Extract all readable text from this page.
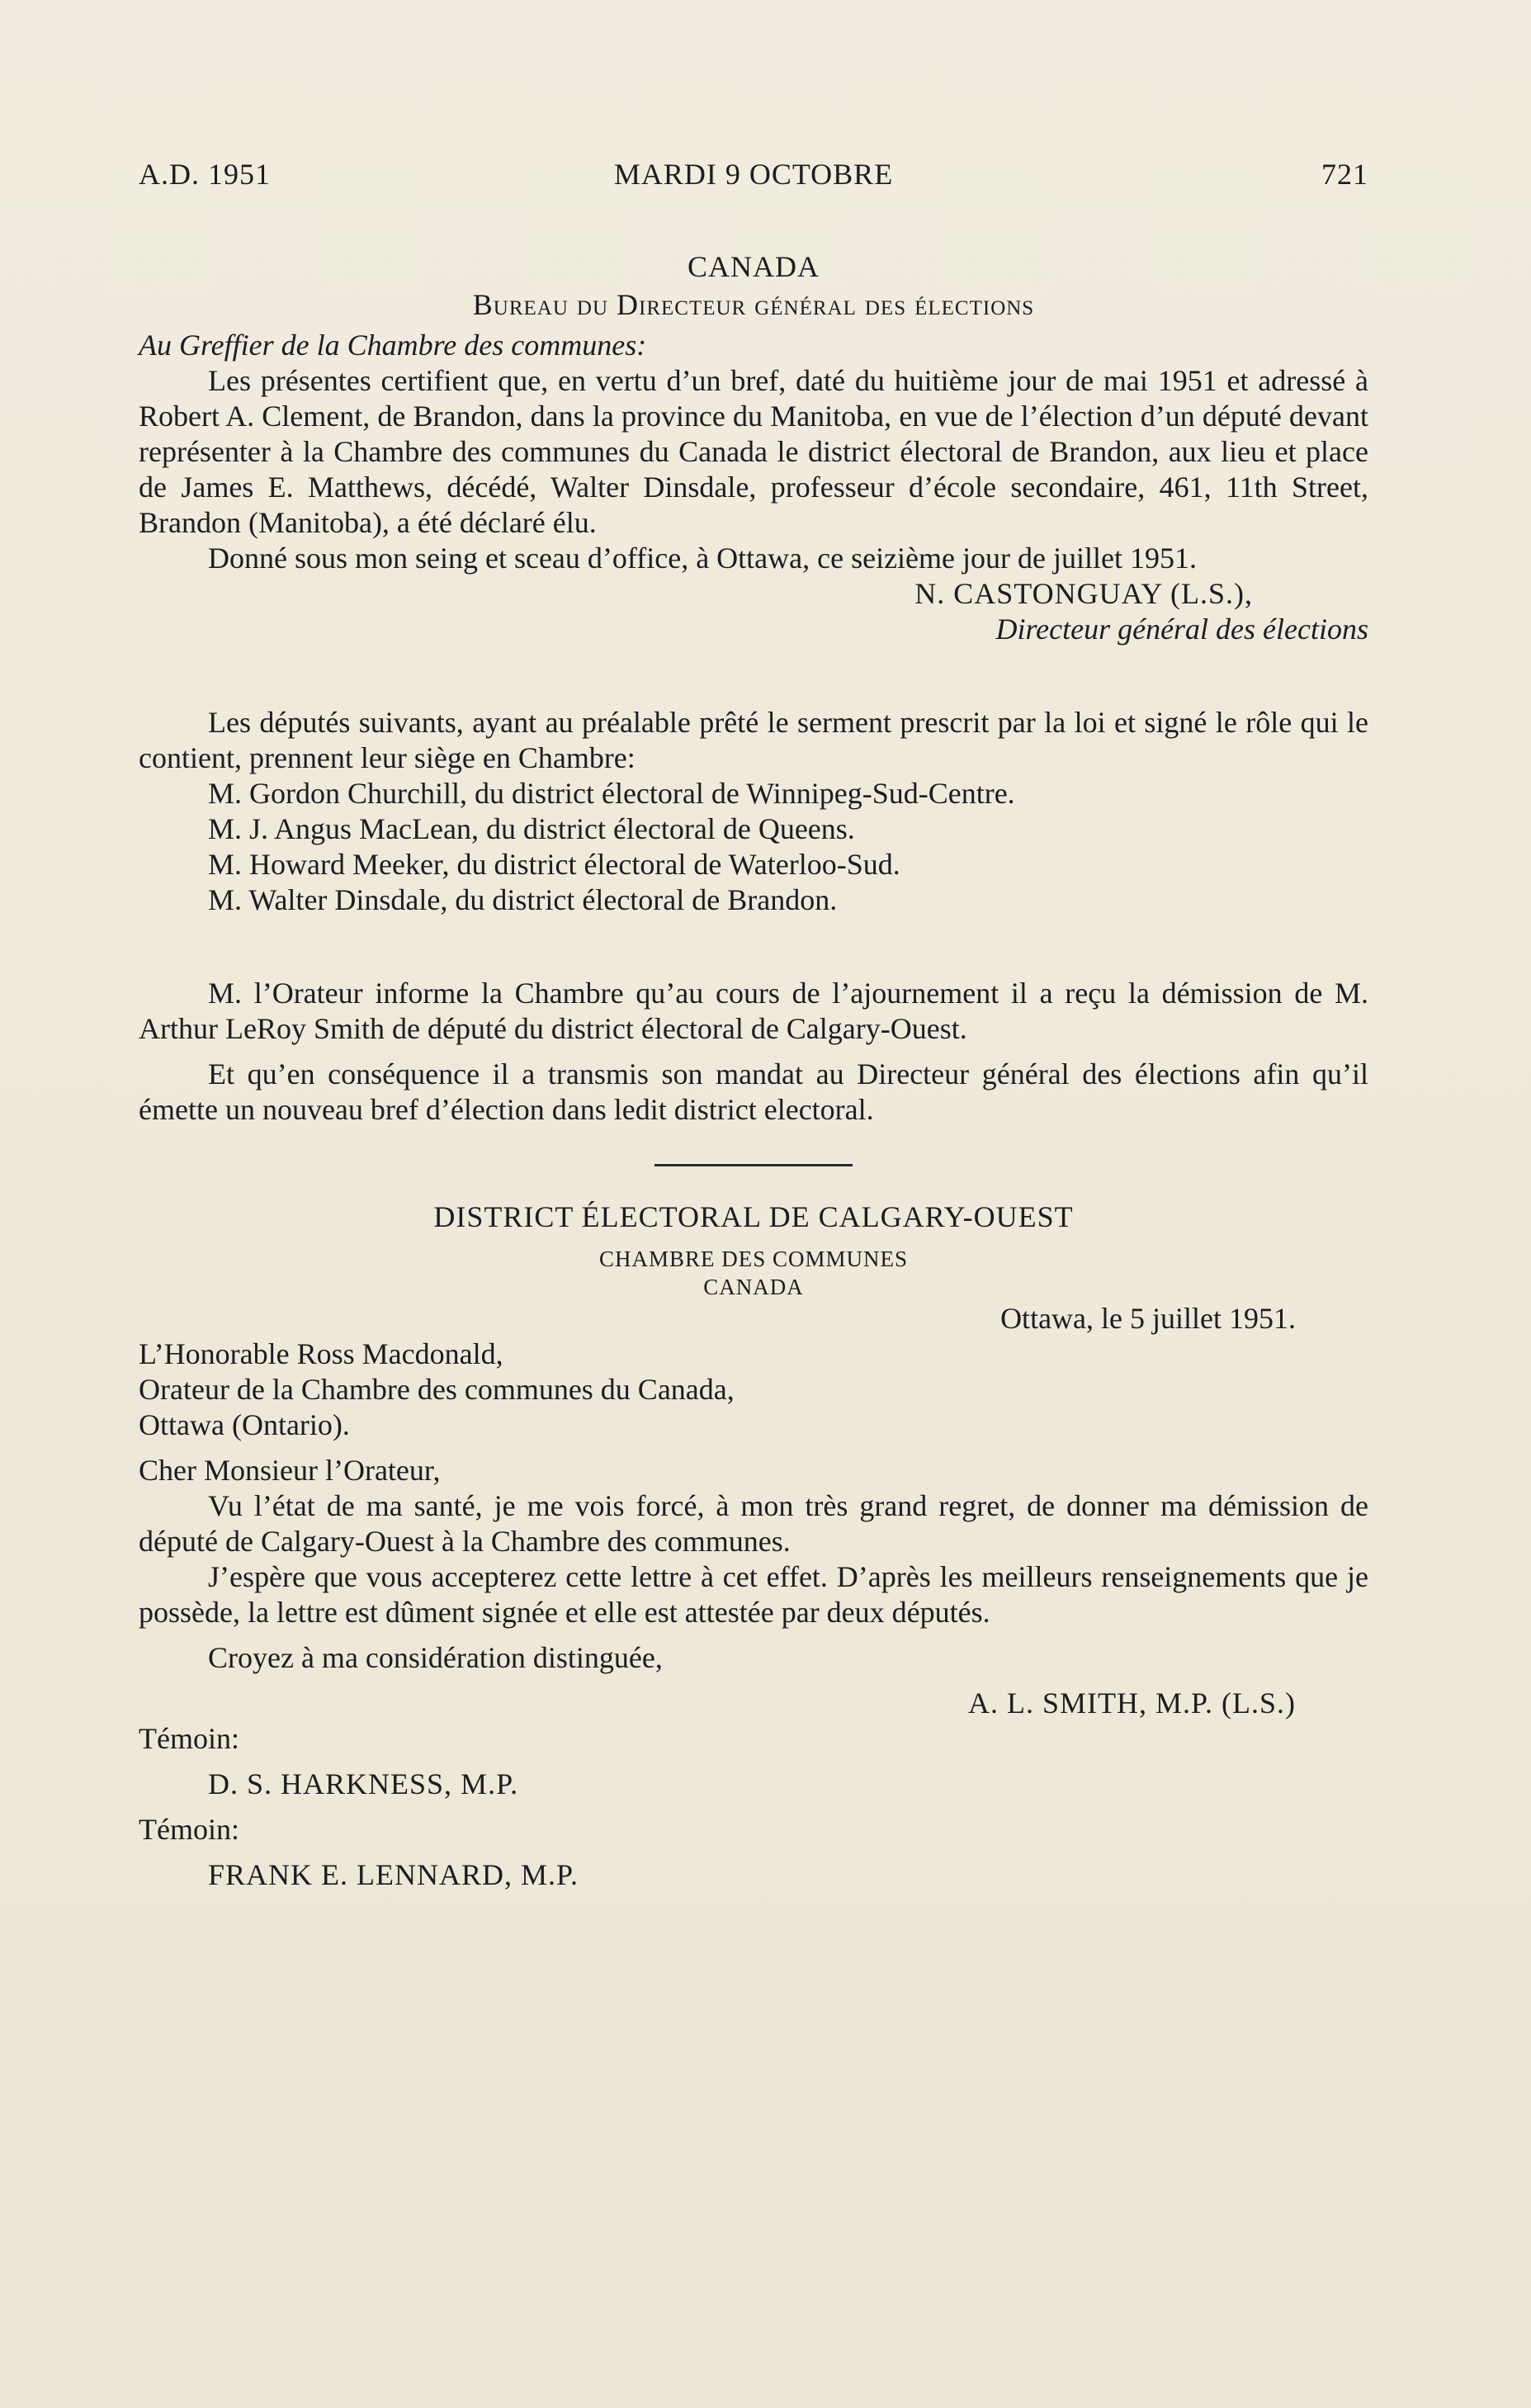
A.D. 1951	MARDI 9 OCTOBRE	721
CANADA
Bureau du Directeur général des élections
Au Greffier de la Chambre des communes:

Les présentes certifient que, en vertu d’un bref, daté du huitième jour de mai 1951 et adressé à Robert A. Clement, de Brandon, dans la province du Manitoba, en vue de l’élection d’un député devant représenter à la Chambre des communes du Canada le district électoral de Brandon, aux lieu et place de James E. Matthews, décédé, Walter Dinsdale, professeur d’école secondaire, 461, 11th Street, Brandon (Manitoba), a été déclaré élu.

Donné sous mon seing et sceau d’office, à Ottawa, ce seizième jour de juillet 1951.

N. CASTONGUAY (L.S.),
Directeur général des élections

Les députés suivants, ayant au préalable prêté le serment prescrit par la loi et signé le rôle qui le contient, prennent leur siège en Chambre:

M. Gordon Churchill, du district électoral de Winnipeg-Sud-Centre.
M. J. Angus MacLean, du district électoral de Queens.
M. Howard Meeker, du district électoral de Waterloo-Sud.
M. Walter Dinsdale, du district électoral de Brandon.

M. l’Orateur informe la Chambre qu’au cours de l’ajournement il a reçu la démission de M. Arthur LeRoy Smith de député du district électoral de Calgary-Ouest.

Et qu’en conséquence il a transmis son mandat au Directeur général des élections afin qu’il émette un nouveau bref d’élection dans ledit district electoral.

DISTRICT ÉLECTORAL DE CALGARY-OUEST
CHAMBRE DES COMMUNES
CANADA
Ottawa, le 5 juillet 1951.
L’Honorable Ross Macdonald,
Orateur de la Chambre des communes du Canada,
Ottawa (Ontario).
Cher Monsieur l’Orateur,

Vu l’état de ma santé, je me vois forcé, à mon très grand regret, de donner ma démission de député de Calgary-Ouest à la Chambre des communes.

J’espère que vous accepterez cette lettre à cet effet. D’après les meilleurs renseignements que je possède, la lettre est dûment signée et elle est attestée par deux députés.

Croyez à ma considération distinguée,

A. L. SMITH, M.P. (L.S.)
Témoin:
D. S. HARKNESS, M.P.
Témoin:
FRANK E. LENNARD, M.P.
